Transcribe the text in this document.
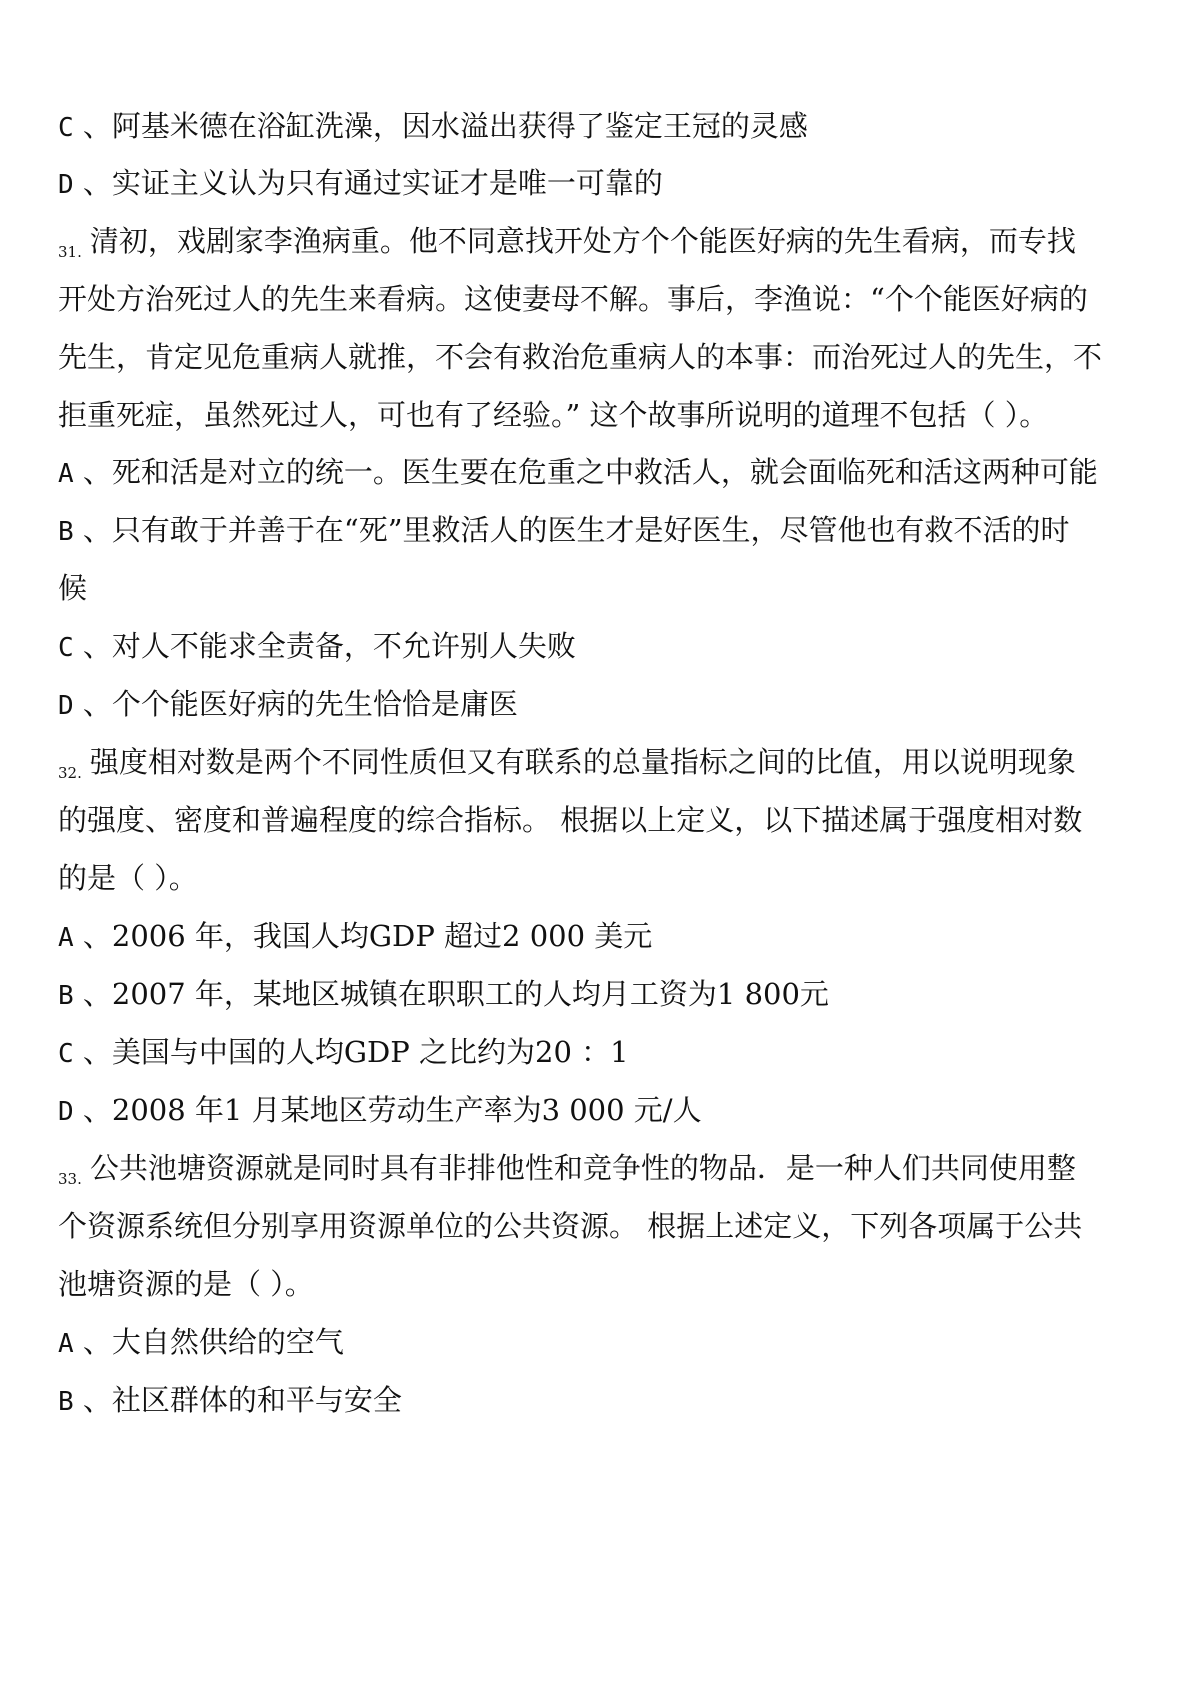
C 、阿基米德在浴缸洗澡，因水溢出获得了鉴定王冠的灵感
D 、实证主义认为只有通过实证才是唯一可靠的
$_{31.}$ 清初，戏剧家李渔病重。他不同意找开处方个个能医好病的先生看病，而专找
开处方治死过人的先生来看病。这使妻母不解。事后，李渔说：“个个能医好病的
先生，肯定见危重病人就推，不会有救治危重病人的本事：而治死过人的先生，不
拒重死症，虽然死过人，可也有了经验。” 这个故事所说明的道理不包括（ ）。
A 、死和活是对立的统一。医生要在危重之中救活人，就会面临死和活这两种可能
B 、只有敢于并善于在“死”里救活人的医生才是好医生，尽管他也有救不活的时
候
C 、对人不能求全责备，不允许别人失败
D 、个个能医好病的先生恰恰是庸医
$_{32.}$ 强度相对数是两个不同性质但又有联系的总量指标之间的比值，用以说明现象
的强度、密度和普遍程度的综合指标。 根据以上定义，以下描述属于强度相对数
的是（ ）。
A 、2006 年，我国人均GDP 超过2 000 美元
B 、2007 年，某地区城镇在职职工的人均月工资为1 800元
C 、美国与中国的人均GDP 之比约为20 ：1
D 、2008 年1 月某地区劳动生产率为3 000 元/人
$_{33.}$ 公共池塘资源就是同时具有非排他性和竞争性的物品．是一种人们共同使用整
个资源系统但分别享用资源单位的公共资源。 根据上述定义，下列各项属于公共
池塘资源的是（ ）。
A 、大自然供给的空气
B 、社区群体的和平与安全
